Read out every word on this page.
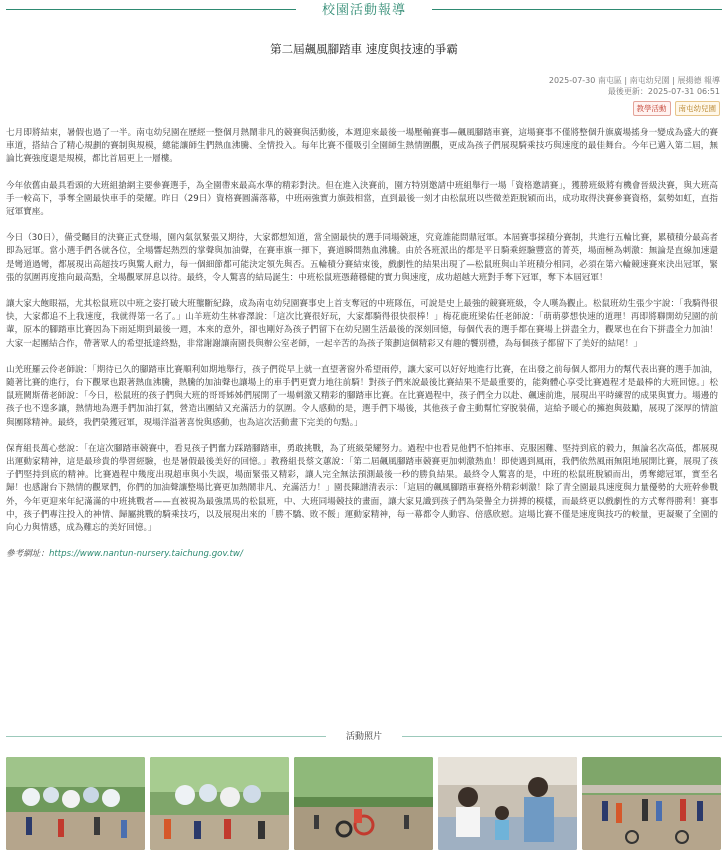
校園活動報導
第二屆飆風腳踏車 速度與技速的爭霸
2025-07-30 南屯區 | 南屯幼兒園 | 展揚德 報導
最後更新：2025-07-31 06:51
教學活動	南屯幼兒園

七月即將結束，暑假也過了一半。南屯幼兒園在歷經一整個月熱鬧非凡的競賽與活動後，本週迎來最後一場壓軸賽事—飆風腳踏車賽，這場賽事不僅將整個升旗廣場搖身一變成為盛大的賽車道，搭結合了精心規劃的賽制與規模，總能讓師生們熱血沸騰、全情投入。每年比賽不僅吸引全園師生熱情圍觀，更成為孩子們展現騎乘技巧與速度的最佳舞台。今年已邁入第二屆，無論比賽強度還是規模，都比首屆更上一層樓。

今年依舊由最具看頭的大班組搶網主要參賽選手，為全園帶來最高水準的精彩對決。但在進入決賽前，園方特別邀請中班組舉行一場「資格邀請賽」，獲勝班級將有機會晉級決賽，與大班高手一較高下，爭奪全園最快車手的榮耀。昨日（29日）資格賽圓滿落幕，中班兩強實力旗鼓相當，直到最後一刻才由松鼠班以些微差距脫穎而出，成功取得決賽參賽資格，氣勢如虹，直指冠軍寶座。

今日（30日），備受矚目的決賽正式登場，園內氣氛緊張又期待，大家都想知道，當全園最快的選手同場競速，究竟誰能問鼎冠軍。本屆賽事採積分賽制，共進行五輪比賽，累積積分最高者即為冠軍。當小選手們各就各位，全場響起熱烈的掌聲與加油聲，在賽車旗一揮下，賽道瞬間熱血沸騰。由於各班派出的都是平日騎乘經驗豐富的菁英，場面極為刺激：無論是直線加速還是彎道過彎，都展現出高超技巧與驚人耐力，每一個細節都可能決定領先與否。五輪積分賽結束後，戲劇性的結果出現了—松鼠班與山羊班積分相同，必須在第六輪競速賽來決出冠軍，緊張的氛圍再度推向最高點，全場觀眾屏息以待。最終，令人驚喜的結局誕生：中班松鼠班憑藉穩健的實力與速度，成功超越大班對手奪下冠軍，奪下本屆冠軍！

讓大家大飽眼福，尤其松鼠班以中班之姿打破大班壟斷紀錄，成為南屯幼兒園賽事史上首支奪冠的中班隊伍，可說是史上最強的競賽班級，令人嘆為觀止。松鼠班幼生張少宇說：「我騎得很快，大家都追不上我速度，我就得第一名了。」山羊班幼生林睿澤說：「這次比賽很好玩，大家都騎得很快很棒！」梅花鹿班梁佑任老師說：「萌萌夢想快速的道理！再即將聯開幼兒園的前輩，原本的腳踏車比賽因為下雨延期到最後一週，本來的意外，卻也剛好為孩子們留下在幼兒園生活最後的深刻回憶，每個代表的選手都在賽場上拼盡全力，觀眾也在台下拼盡全力加油！大家一起團結合作，帶著眾人的希望抵達終點，非常謝謝讓南園長與辦公室老師，一起辛苦的為孩子策劃這個精彩又有趣的饗別禮，為每個孩子都留下了美好的結尾！」

山羌班羅云伶老師說：「期待已久的腳踏車比賽順利如期地舉行，孩子們從早上就一直望著窗外希望雨停，讓大家可以好好地進行比賽，在出發之前每個人都用力的幫代表出賽的選手加油，隨著比賽的進行，台下觀眾也跟著熱血沸騰，熱騰的加油聲也讓場上的車手們更賣力地往前騎！對孩子們來說最後比賽結果不是最重要的，能夠體心享受比賽過程才是最棒的大班回憶。」松鼠班闕斯蒨老師說：「今日，松鼠班的孩子們與大班的哥哥姊姊們展開了一場刺激又精彩的腳踏車比賽。在比賽過程中，孩子們全力以赴、飆速前進，展現出平時練習的成果與實力。場邊的孩子也不遑多讓，熱情地為選手們加油打氣，營造出團結又充滿活力的氛圍。令人感動的是，選手們下場後，其他孩子會主動幫忙穿脫裝備，這給予暖心的擁抱與鼓勵，展現了深厚的情誼與團隊精神。最終，我們榮獲冠軍，現場洋溢著喜悅與感動，也為這次活動畫下完美的句點。」

保育組長萬心慈說：「在這次腳踏車競賽中，看見孩子們奮力踩踏腳踏車，勇敢挑戰，為了班級榮耀努力。過程中也看見他們不怕摔車、克服困難、堅持到底的毅力，無論名次高低，都展現出運動家精神，這是最珍貴的學習經驗，也是暑假最後美好的回憶。」教務組長蔡文蕙說：「第二屆飆風腳踏車競賽更加刺激熱血！即使遇到風雨，我們依然風雨無阻地展開比賽，展現了孩子們堅持到底的精神。比賽過程中幾度出現超車與小失誤，場面緊張又精彩，讓人完全無法預測最後一秒的勝負結果。最終令人驚喜的是，中班的松鼠班脫穎而出，勇奪總冠軍，實至名歸！也感謝台下熱情的觀眾們，你們的加油聲讓整場比賽更加熱鬧非凡、充滿活力！」園長陳譜清表示：「這屆的飆風腳踏車賽格外精彩刺激！除了青全園最具速度與力量優勢的大班幹參戰外，今年更迎來年紀滿滿的中班挑戰者——直被視為最強黑馬的松鼠班，中、大班同場競技的畫面，讓大家見識到孩子們為榮譽全力拼搏的模樣，而最終更以戲劇性的方式奪得勝利！賽事中，孩子們專注投入的神情、歸屬挑戰的騎乘技巧，以及展現出來的「勝不驕、敗不餒」運動家精神，每一幕都令人動容、倍感欣慰。這場比賽不僅是速度與技巧的較量，更凝聚了全園的向心力與情感，成為難忘的美好回憶。」

參考網址：https://www.nantun-nursery.taichung.gov.tw/
活動照片
